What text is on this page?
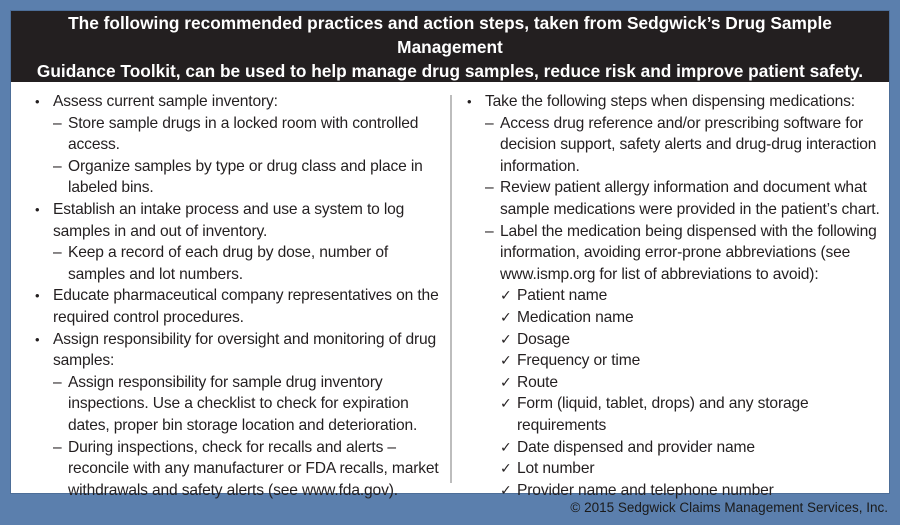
The following recommended practices and action steps, taken from Sedgwick’s Drug Sample Management
Guidance Toolkit, can be used to help manage drug samples, reduce risk and improve patient safety.
• Assess current sample inventory:
– Store sample drugs in a locked room with controlled access.
– Organize samples by type or drug class and place in labeled bins.
• Establish an intake process and use a system to log samples in and out of inventory.
– Keep a record of each drug by dose, number of samples and lot numbers.
• Educate pharmaceutical company representatives on the required control procedures.
• Assign responsibility for oversight and monitoring of drug samples:
– Assign responsibility for sample drug inventory inspections. Use a checklist to check for expiration dates, proper bin storage location and deterioration.
– During inspections, check for recalls and alerts – reconcile with any manufacturer or FDA recalls, market withdrawals and safety alerts (see www.fda.gov).
• Take the following steps when dispensing medications:
– Access drug reference and/or prescribing software for decision support, safety alerts and drug-drug interaction information.
– Review patient allergy information and document what sample medications were provided in the patient’s chart.
– Label the medication being dispensed with the following information, avoiding error-prone abbreviations (see www.ismp.org for list of abbreviations to avoid):
✓ Patient name
✓ Medication name
✓ Dosage
✓ Frequency or time
✓ Route
✓ Form (liquid, tablet, drops) and any storage requirements
✓ Date dispensed and provider name
✓ Lot number
✓ Provider name and telephone number
© 2015 Sedgwick Claims Management Services, Inc.
